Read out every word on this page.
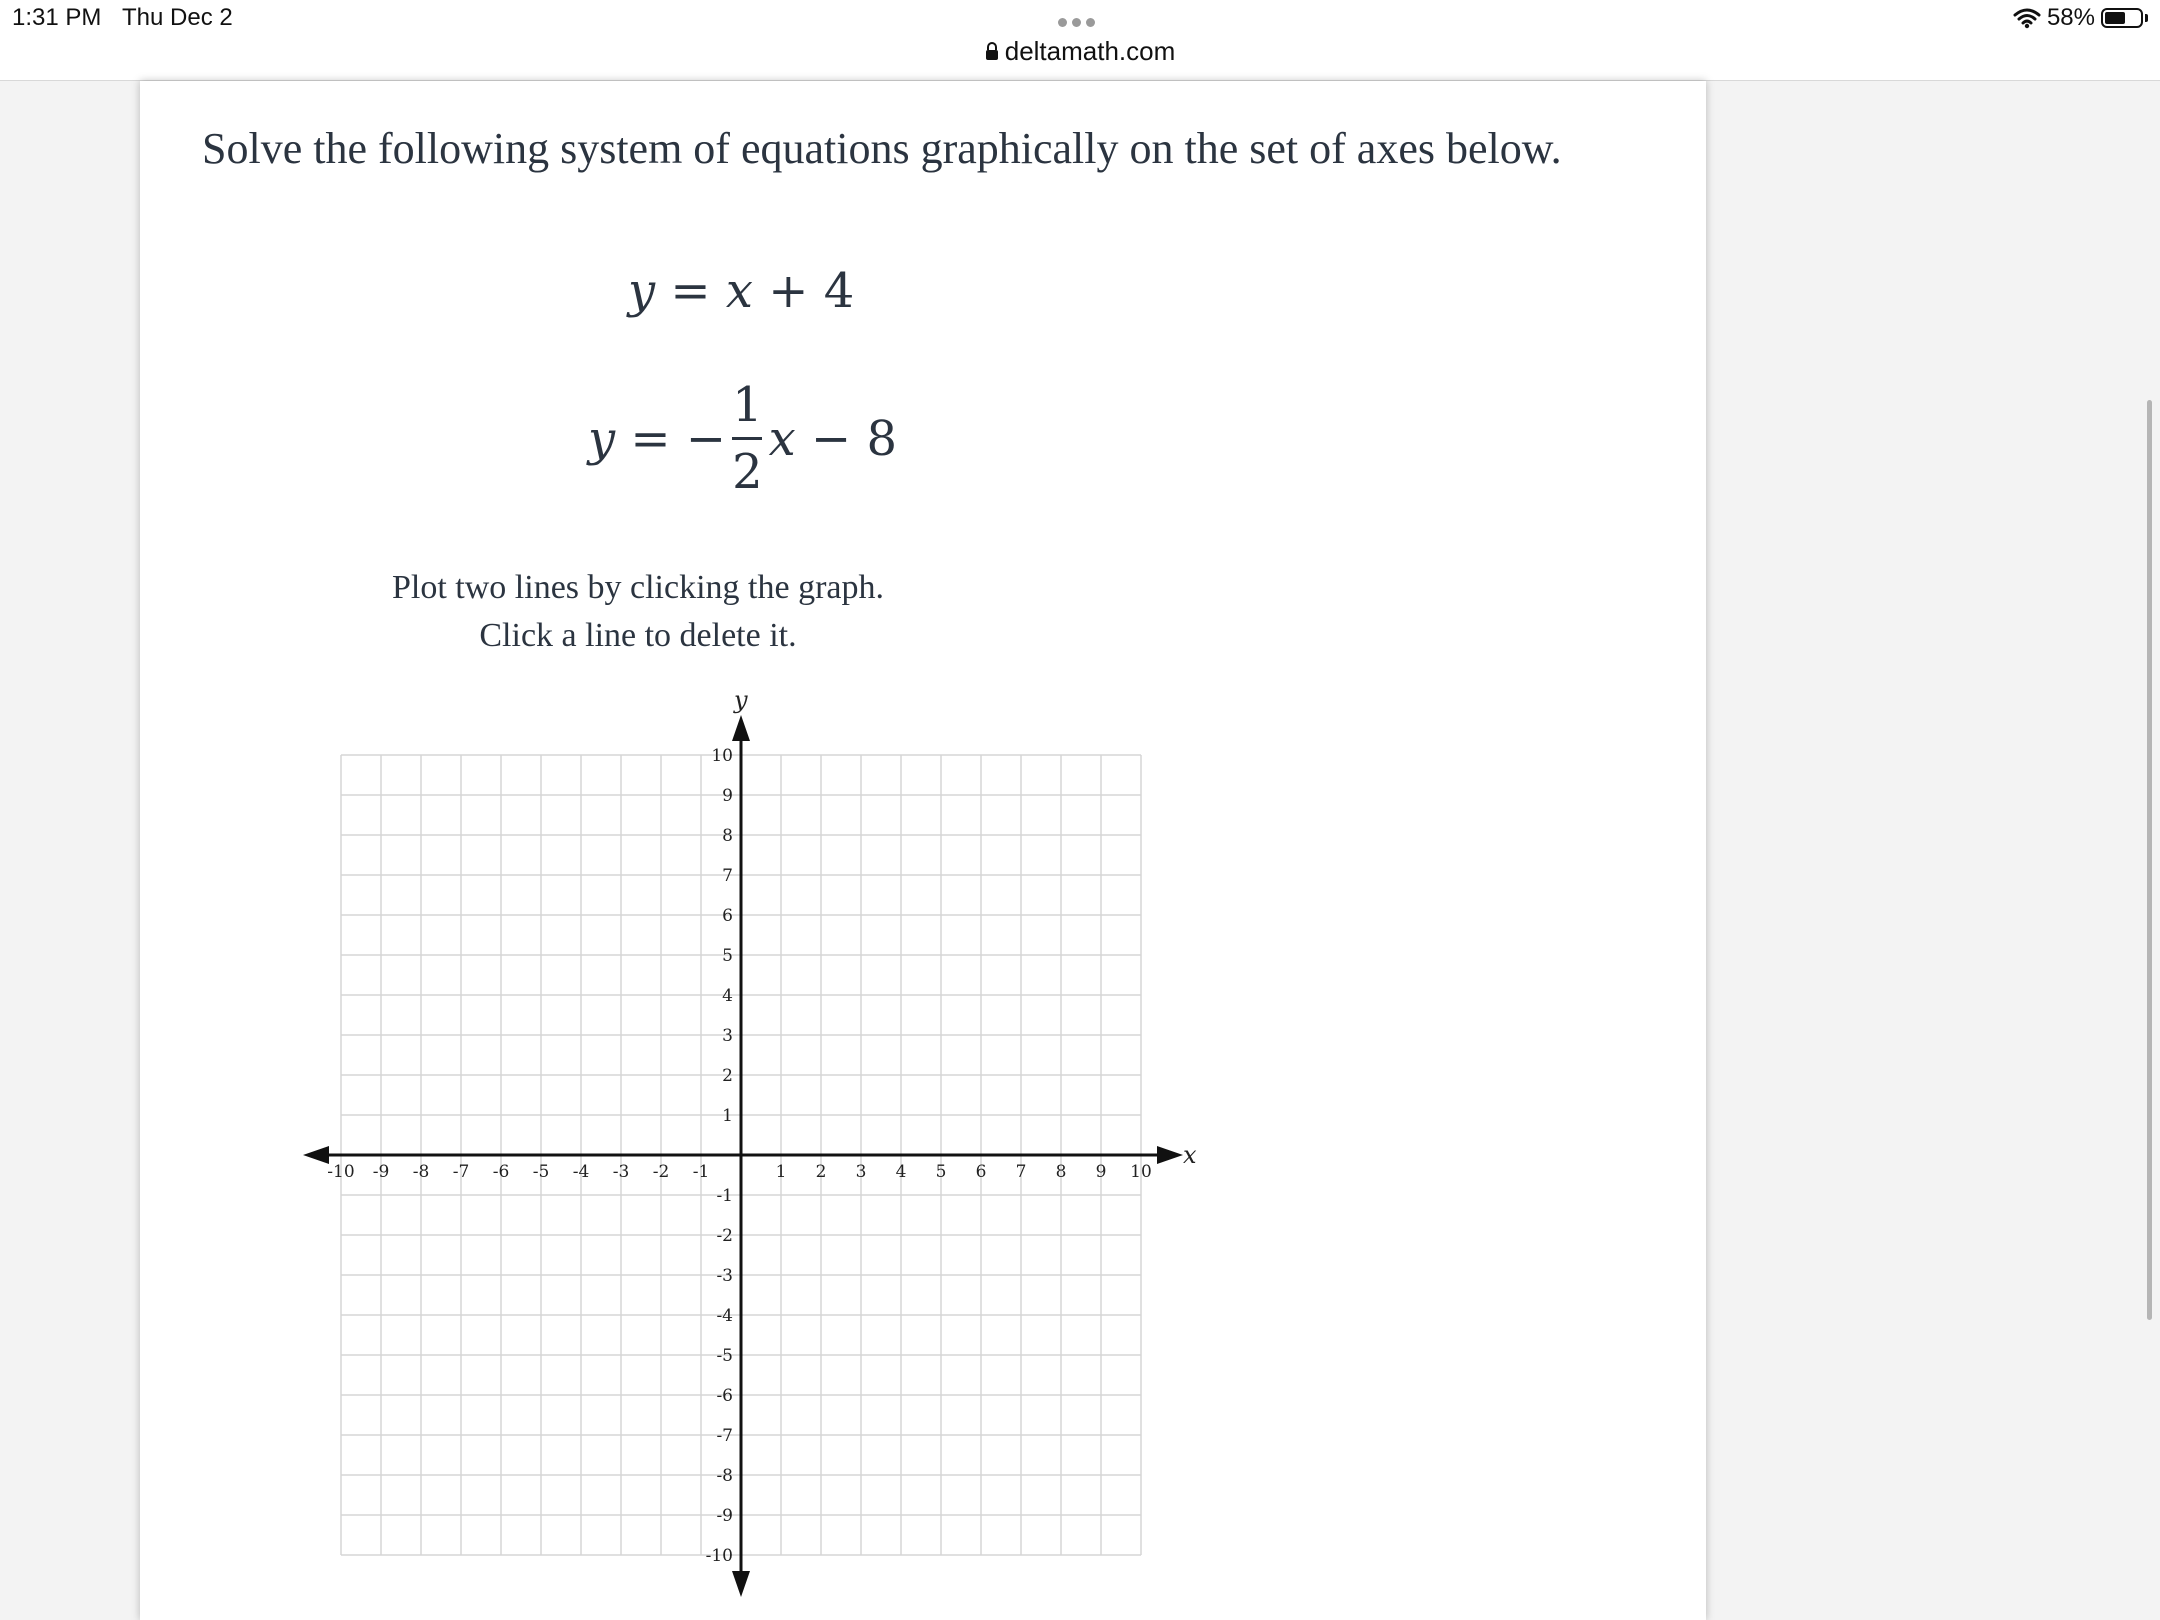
1:31 PM Thu Dec 2
deltamath.com
58%
Solve the following system of equations graphically on the set of axes below.
y = x + 4
y
=
− $\frac{1}{2}$ x
−
8
Plot two lines by clicking the graph.
Click a line to delete it.
x
y
-10 -9 -8 -7 -6 -5 -4 -3 -2 -1	1 2 3 4 5 6 7 8 9 10
10
9
8
7
6
5
4
3
2
1
-1
-2
-3
-4
-5
-6
-7
-8
-9
-10
